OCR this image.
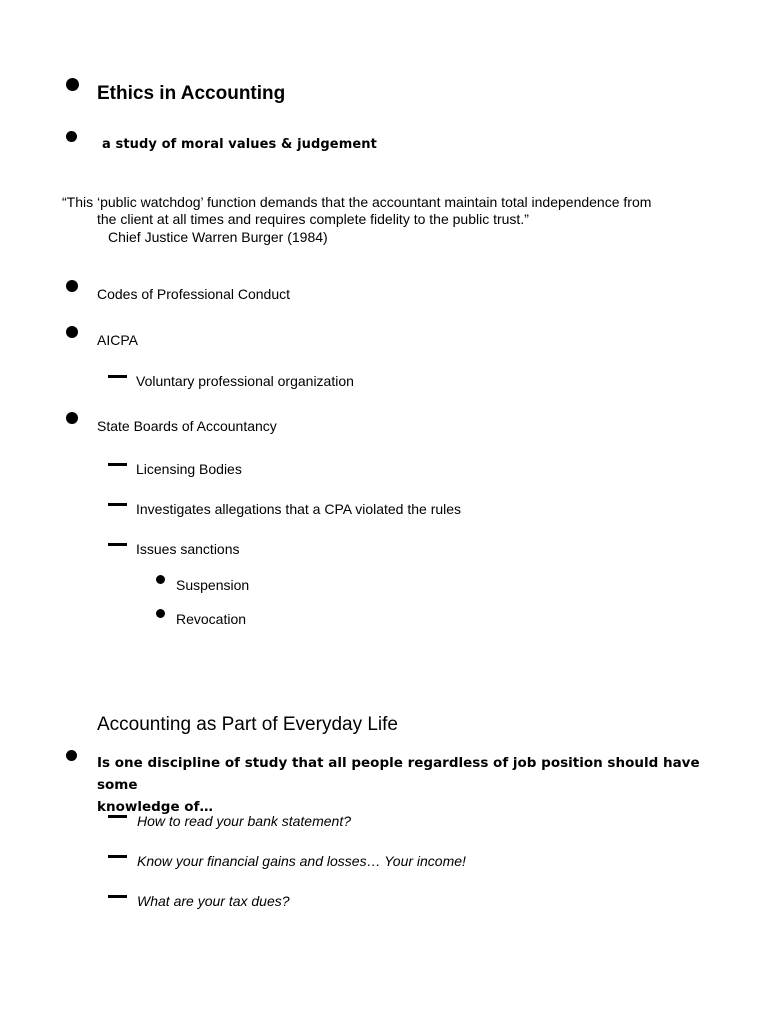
Ethics in Accounting
a study of moral values & judgement
“This ‘public watchdog’ function demands that the accountant maintain total independence from
the client at all times and requires complete fidelity to the public trust.”
Chief Justice Warren Burger (1984)
Codes of Professional Conduct
AICPA
Voluntary professional organization
State Boards of Accountancy
Licensing Bodies
Investigates allegations that a CPA violated the rules
Issues sanctions
Suspension
Revocation
Accounting as Part of Everyday Life
Is one discipline of study that all people regardless of job position should have some
knowledge of…
How to read your bank statement?
Know your financial gains and losses… Your income!
What are your tax dues?
